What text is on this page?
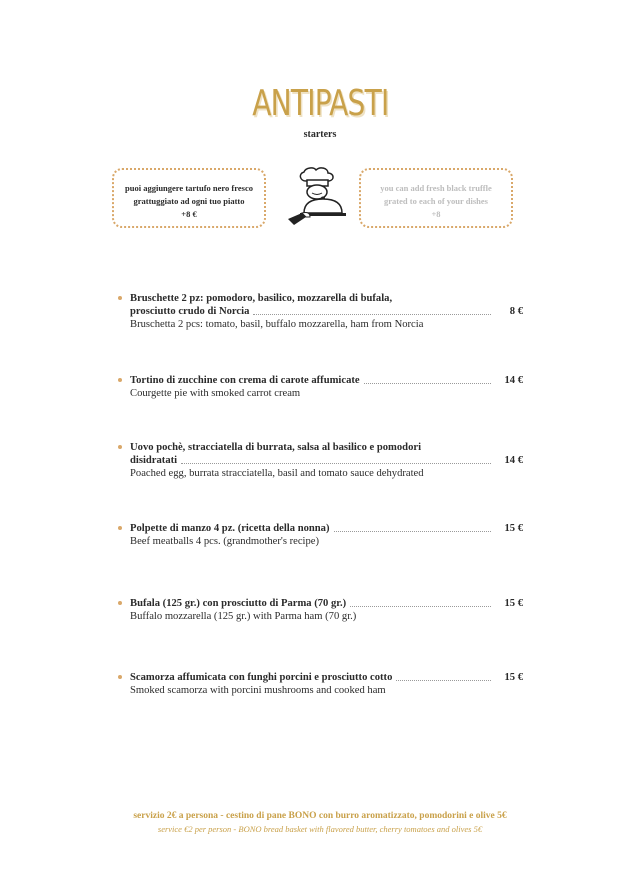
ANTIPASTI
starters
puoi aggiungere tartufo nero fresco
grattuggiato ad ogni tuo piatto
+8 €
you can add fresh black truffle
grated to each of your dishes
+8
Bruschette 2 pz: pomodoro, basilico, mozzarella di bufala,
prosciutto crudo di Norcia	8 €
Bruschetta 2 pcs: tomato, basil, buffalo mozzarella, ham from Norcia
Tortino di zucchine con crema di carote affumicate	14 €
Courgette pie with smoked carrot cream
Uovo pochè, stracciatella di burrata, salsa al basilico e pomodori
disidratati	14 €
Poached egg, burrata stracciatella, basil and tomato sauce dehydrated
Polpette di manzo 4 pz. (ricetta della nonna)	15 €
Beef meatballs 4 pcs. (grandmother's recipe)
Bufala (125 gr.) con prosciutto di Parma (70 gr.)	15 €
Buffalo mozzarella (125 gr.) with Parma ham (70 gr.)
Scamorza affumicata con funghi porcini e prosciutto cotto	15 €
Smoked scamorza with porcini mushrooms and cooked ham
servizio 2€ a persona - cestino di pane BONO con burro aromatizzato, pomodorini e olive 5€
service €2 per person - BONO bread basket with flavored butter, cherry tomatoes and olives 5€
